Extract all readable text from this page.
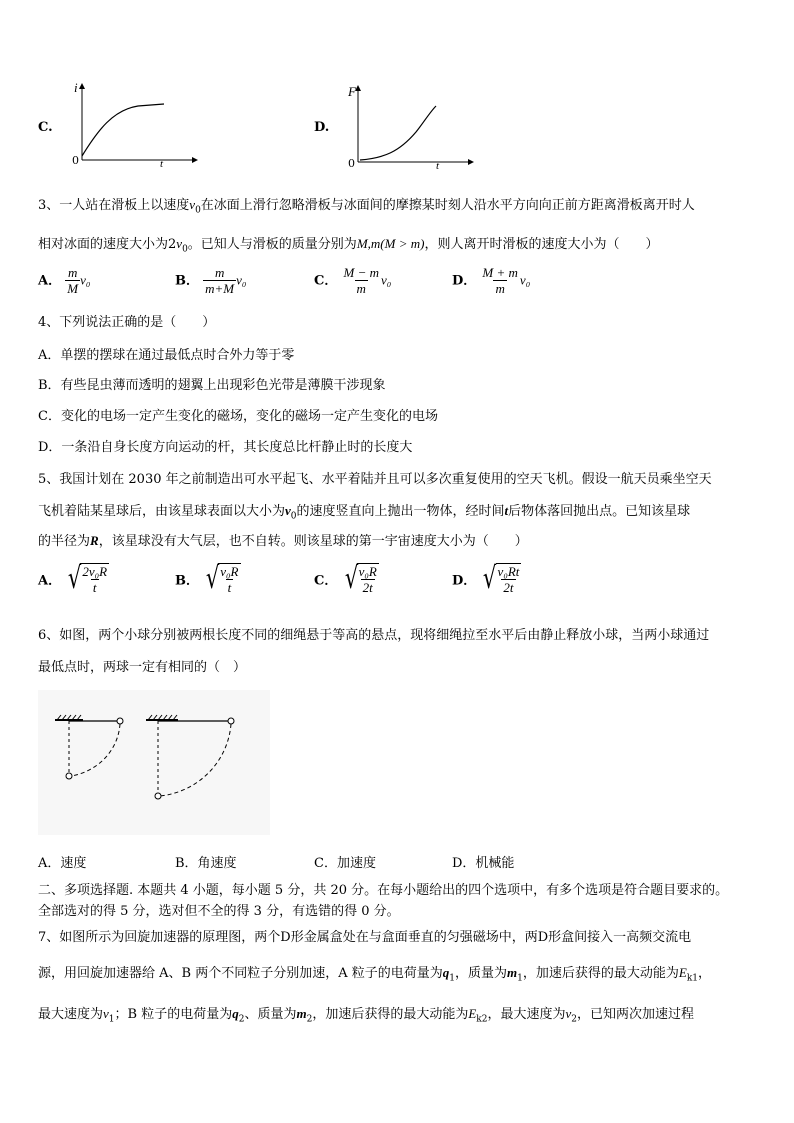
C.
i
t
0
D.
F
t
0
3、一人站在滑板上以速度$v_0$在冰面上滑行忽略滑板与冰面间的摩擦某时刻人沿水平方向向正前方距离滑板离开时人
相对冰面的速度大小为$2v_0$。已知人与滑板的质量分别为M,m(M > m)，则人离开时滑板的速度大小为（　　）
A． $\frac{m}{M} v_0$	B． $\frac{m}{m+M} v_0$	C． $\frac{M - m}{m} v_0$	D． $\frac{M + m}{m} v_0$
4、下列说法正确的是（　　）
A．单摆的摆球在通过最低点时合外力等于零
B．有些昆虫薄而透明的翅翼上出现彩色光带是薄膜干涉现象
C．变化的电场一定产生变化的磁场，变化的磁场一定产生变化的电场
D．一条沿自身长度方向运动的杆，其长度总比杆静止时的长度大
5、我国计划在 2030 年之前制造出可水平起飞、水平着陆并且可以多次重复使用的空天飞机。假设一航天员乘坐空天
飞机着陆某星球后，由该星球表面以大小为$v_0$的速度竖直向上抛出一物体，经时间t后物体落回抛出点。已知该星球
的半径为R，该星球没有大气层，也不自转。则该星球的第一宇宙速度大小为（　　）
A． √
$\frac{\text{2v₀R}}{t}$	B． √
$\frac{\text{v₀R}}{t}$	C． √
$\frac{\text{v₀R}}{2t}$	D． √
$\frac{\text{v₀Rt}}{2t}$
6、如图，两个小球分别被两根长度不同的细绳悬于等高的悬点，现将细绳拉至水平后由静止释放小球，当两小球通过
最低点时，两球一定有相同的（　）
A．速度	B．角速度	C．加速度	D．机械能
二、多项选择题. 本题共 4 小题，每小题 5 分，共 20 分。在每小题给出的四个选项中，有多个选项是符合题目要求的。
全部选对的得 5 分，选对但不全的得 3 分，有选错的得 0 分。
7、如图所示为回旋加速器的原理图，两个D形金属盒处在与盒面垂直的匀强磁场中，两D形盒间接入一高频交流电
源，用回旋加速器给 A、B 两个不同粒子分别加速，A 粒子的电荷量为$q_1$，质量为$m_1$，加速后获得的最大动能为$E_{k1}$，
最大速度为$v_1$；B 粒子的电荷量为$q_2$、质量为$m_2$，加速后获得的最大动能为$E_{k2}$，最大速度为$v_2$，已知两次加速过程
